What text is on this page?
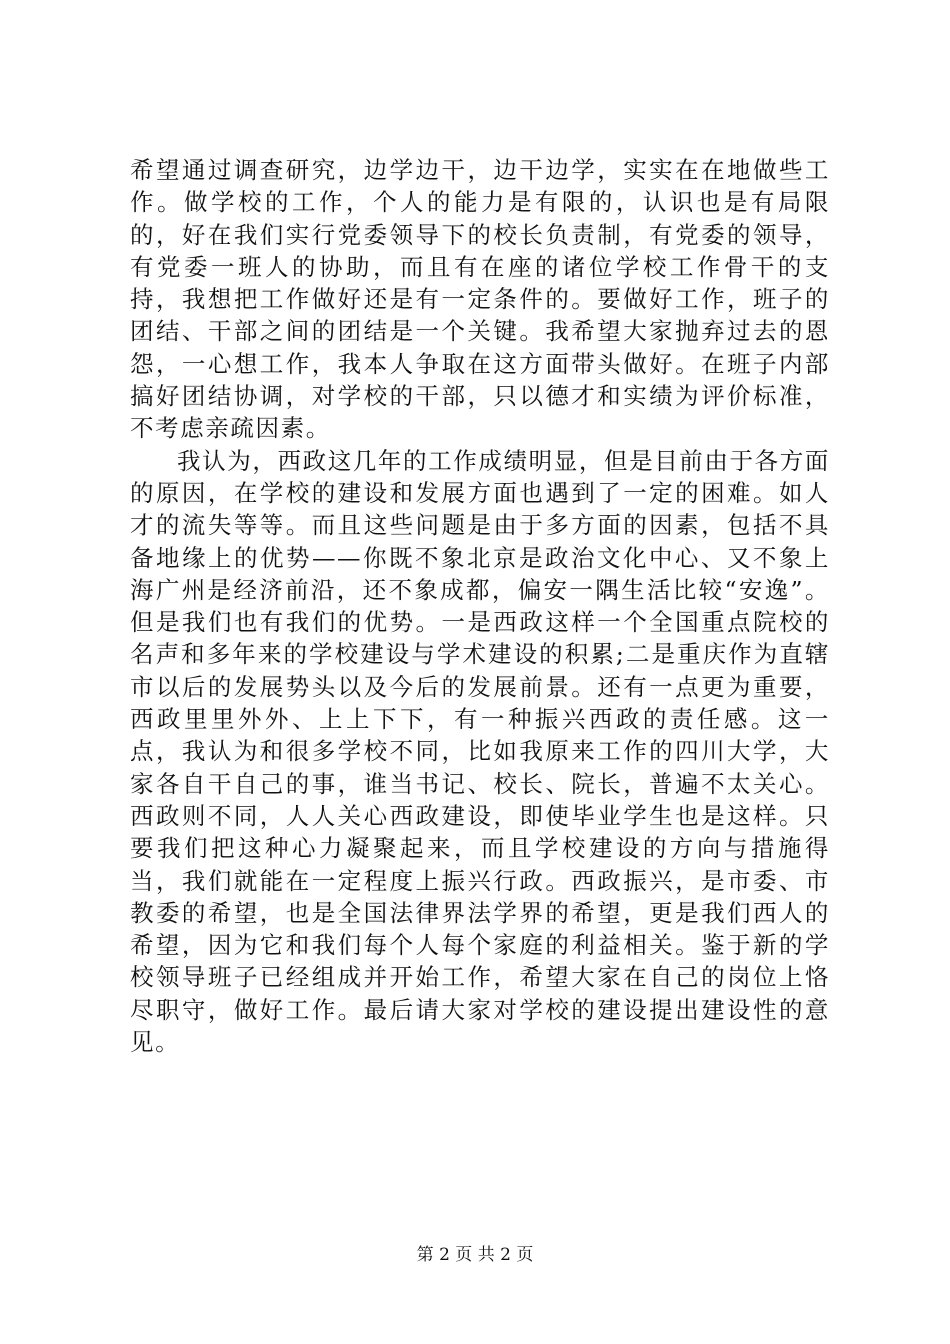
希望通过调查研究，边学边干，边干边学，实实在在地做些工作。做学校的工作，个人的能力是有限的，认识也是有局限的，好在我们实行党委领导下的校长负责制，有党委的领导，有党委一班人的协助，而且有在座的诸位学校工作骨干的支持，我想把工作做好还是有一定条件的。要做好工作，班子的团结、干部之间的团结是一个关键。我希望大家抛弃过去的恩怨，一心想工作，我本人争取在这方面带头做好。在班子内部搞好团结协调，对学校的干部，只以德才和实绩为评价标准，不考虑亲疏因素。

我认为，西政这几年的工作成绩明显，但是目前由于各方面的原因，在学校的建设和发展方面也遇到了一定的困难。如人才的流失等等。而且这些问题是由于多方面的因素，包括不具备地缘上的优势——你既不象北京是政治文化中心、又不象上海广州是经济前沿，还不象成都，偏安一隅生活比较“安逸”。但是我们也有我们的优势。一是西政这样一个全国重点院校的名声和多年来的学校建设与学术建设的积累;二是重庆作为直辖市以后的发展势头以及今后的发展前景。还有一点更为重要，西政里里外外、上上下下，有一种振兴西政的责任感。这一点，我认为和很多学校不同，比如我原来工作的四川大学，大家各自干自己的事，谁当书记、校长、院长，普遍不太关心。西政则不同，人人关心西政建设，即使毕业学生也是这样。只要我们把这种心力凝聚起来，而且学校建设的方向与措施得当，我们就能在一定程度上振兴行政。西政振兴，是市委、市教委的希望，也是全国法律界法学界的希望，更是我们西人的希望，因为它和我们每个人每个家庭的利益相关。鉴于新的学校领导班子已经组成并开始工作，希望大家在自己的岗位上恪尽职守，做好工作。最后请大家对学校的建设提出建设性的意见。

第 2 页 共 2 页
